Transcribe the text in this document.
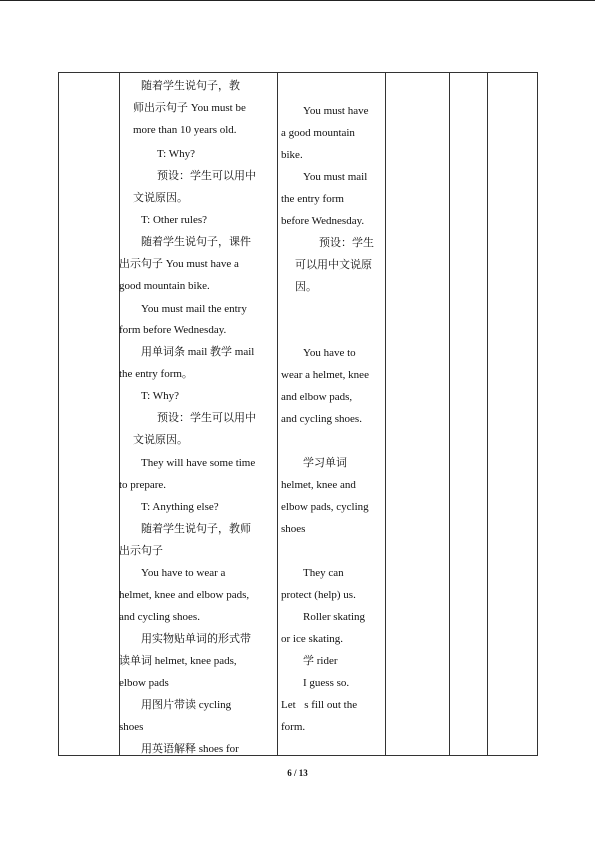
随着学生说句子，教
师出示句子 You must be
more than 10 years old.
T: Why?
预设：学生可以用中
文说原因。
T: Other rules?
随着学生说句子，课件
出示句子 You must have a
good mountain bike.
You must mail the entry
form before Wednesday.
用单词条 mail 教学 mail
the entry form。
T: Why?
预设：学生可以用中
文说原因。
They will have some time
to prepare.
T: Anything else?
随着学生说句子，教师
出示句子
You have to wear a
helmet, knee and elbow pads,
and cycling shoes.
用实物贴单词的形式带
读单词 helmet, knee pads,
elbow pads
用图片带读 cycling
shoes
用英语解释 shoes for
You must have
a good mountain
bike.
You must mail
the entry form
before Wednesday.
预设：学生
可以用中文说原
因。
You have to
wear a helmet, knee
and elbow pads,
and cycling shoes.
学习单词
helmet, knee and
elbow pads, cycling
shoes
They can
protect (help) us.
Roller skating
or ice skating.
学 rider
I guess so.
Let s fill out the
form.
6 / 13
